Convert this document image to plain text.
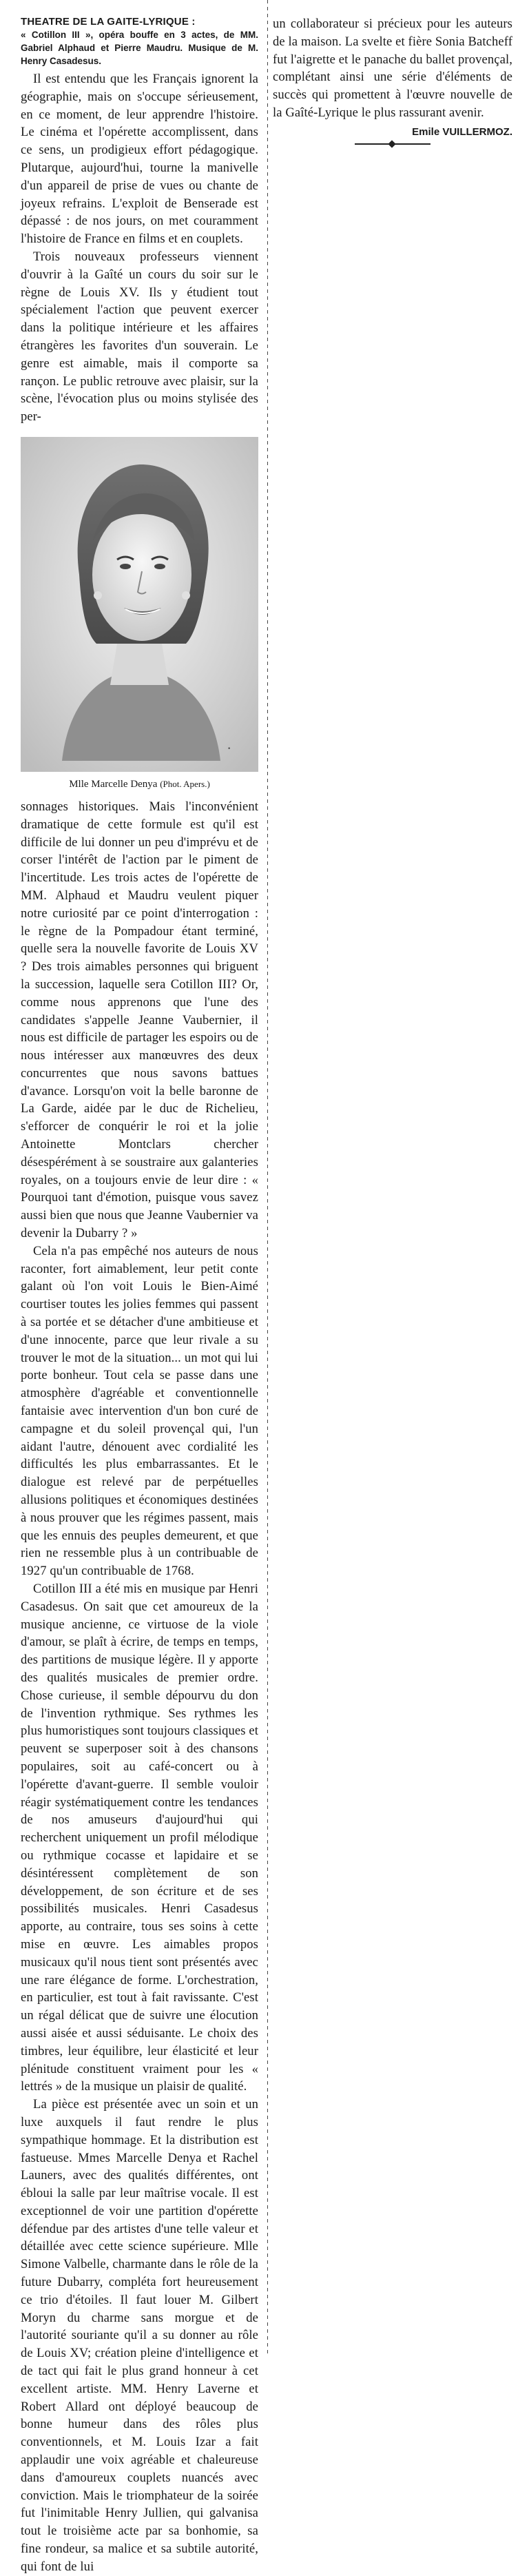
THEATRE DE LA GAITE-LYRIQUE :

« Cotillon III », opéra bouffe en 3 actes, de MM. Gabriel Alphaud et Pierre Maudru. Musique de M. Henry Casadesus.

Il est entendu que les Français ignorent la géographie, mais on s'occupe sérieusement, en ce moment, de leur apprendre l'histoire. Le cinéma et l'opérette accomplissent, dans ce sens, un prodigieux effort pédagogique. Plutarque, aujourd'hui, tourne la manivelle d'un appareil de prise de vues ou chante de joyeux refrains. L'exploit de Benserade est dépassé : de nos jours, on met couramment l'histoire de France en films et en couplets.

Trois nouveaux professeurs viennent d'ouvrir à la Gaîté un cours du soir sur le règne de Louis XV. Ils y étudient tout spécialement l'action que peuvent exercer dans la politique intérieure et les affaires étrangères les favorites d'un souverain. Le genre est aimable, mais il comporte sa rançon. Le public retrouve avec plaisir, sur la scène, l'évocation plus ou moins stylisée des per-

•
Mlle Marcelle Denya (Phot. Apers.)

sonnages historiques. Mais l'inconvénient dramatique de cette formule est qu'il est difficile de lui donner un peu d'imprévu et de corser l'intérêt de l'action par le piment de l'incertitude. Les trois actes de l'opérette de MM. Alphaud et Maudru veulent piquer notre curiosité par ce point d'interrogation : le règne de la Pompadour étant terminé, quelle sera la nouvelle favorite de Louis XV ? Des trois aimables personnes qui briguent la succession, laquelle sera Cotillon III? Or, comme nous apprenons que l'une des candidates s'appelle Jeanne Vaubernier, il nous est difficile de partager les espoirs ou de nous intéresser aux manœuvres des deux concurrentes que nous savons battues d'avance. Lorsqu'on voit la belle baronne de La Garde, aidée par le duc de Richelieu, s'efforcer de conquérir le roi et la jolie Antoinette Montclars chercher désespérément à se soustraire aux galanteries royales, on a toujours envie de leur dire : « Pourquoi tant d'émotion, puisque vous savez aussi bien que nous que Jeanne Vaubernier va devenir la Dubarry ? »

Cela n'a pas empêché nos auteurs de nous raconter, fort aimablement, leur petit conte galant où l'on voit Louis le Bien-Aimé courtiser toutes les jolies femmes qui passent à sa portée et se détacher d'une ambitieuse et d'une innocente, parce que leur rivale a su trouver le mot de la situation... un mot qui lui porte bonheur. Tout cela se passe dans une atmosphère d'agréable et conventionnelle fantaisie avec intervention d'un bon curé de campagne et du soleil provençal qui, l'un aidant l'autre, dénouent avec cordialité les difficultés les plus embarrassantes. Et le dialogue est relevé par de perpétuelles allusions politiques et économiques destinées à nous prouver que les régimes passent, mais que les ennuis des peuples demeurent, et que rien ne ressemble plus à un contribuable de 1927 qu'un contribuable de 1768.

Cotillon III a été mis en musique par Henri Casadesus. On sait que cet amoureux de la musique ancienne, ce virtuose de la viole d'amour, se plaît à écrire, de temps en temps, des partitions de musique légère. Il y apporte des qualités musicales de premier ordre. Chose curieuse, il semble dépourvu du don de l'invention rythmique. Ses rythmes les plus humoristiques sont toujours classiques et peuvent se superposer soit à des chansons populaires, soit au café-concert ou à l'opérette d'avant-guerre. Il semble vouloir réagir systématiquement contre les tendances de nos amuseurs d'aujourd'hui qui recherchent uniquement un profil mélodique ou rythmique cocasse et lapidaire et se désintéressent complètement de son développement, de son écriture et de ses possibilités musicales. Henri Casadesus apporte, au contraire, tous ses soins à cette mise en œuvre. Les aimables propos musicaux qu'il nous tient sont présentés avec une rare élégance de forme. L'orchestration, en particulier, est tout à fait ravissante. C'est un régal délicat que de suivre une élocution aussi aisée et aussi séduisante. Le choix des timbres, leur équilibre, leur élasticité et leur plénitude constituent vraiment pour les « lettrés » de la musique un plaisir de qualité.

La pièce est présentée avec un soin et un luxe auxquels il faut rendre le plus sympathique hommage. Et la distribution est fastueuse. Mmes Marcelle Denya et Rachel Launers, avec des qualités différentes, ont ébloui la salle par leur maîtrise vocale. Il est exceptionnel de voir une partition d'opérette défendue par des artistes d'une telle valeur et détaillée avec cette science supérieure. Mlle Simone Valbelle, charmante dans le rôle de la future Dubarry, compléta fort heureusement ce trio d'étoiles. Il faut louer M. Gilbert Moryn du charme sans morgue et de l'autorité souriante qu'il a su donner au rôle de Louis XV; création pleine d'intelligence et de tact qui fait le plus grand honneur à cet excellent artiste. MM. Henry Laverne et Robert Allard ont déployé beaucoup de bonne humeur dans des rôles plus conventionnels, et M. Louis Izar a fait applaudir une voix agréable et chaleureuse dans d'amoureux couplets nuancés avec conviction. Mais le triomphateur de la soirée fut l'inimitable Henry Jullien, qui galvanisa tout le troisième acte par sa bonhomie, sa fine rondeur, sa malice et sa subtile autorité, qui font de lui

un collaborateur si précieux pour les auteurs de la maison. La svelte et fière Sonia Batcheff fut l'aigrette et le panache du ballet provençal, complétant ainsi une série d'éléments de succès qui promettent à l'œuvre nouvelle de la Gaîté-Lyrique le plus rassurant avenir.

Emile VUILLERMOZ.
